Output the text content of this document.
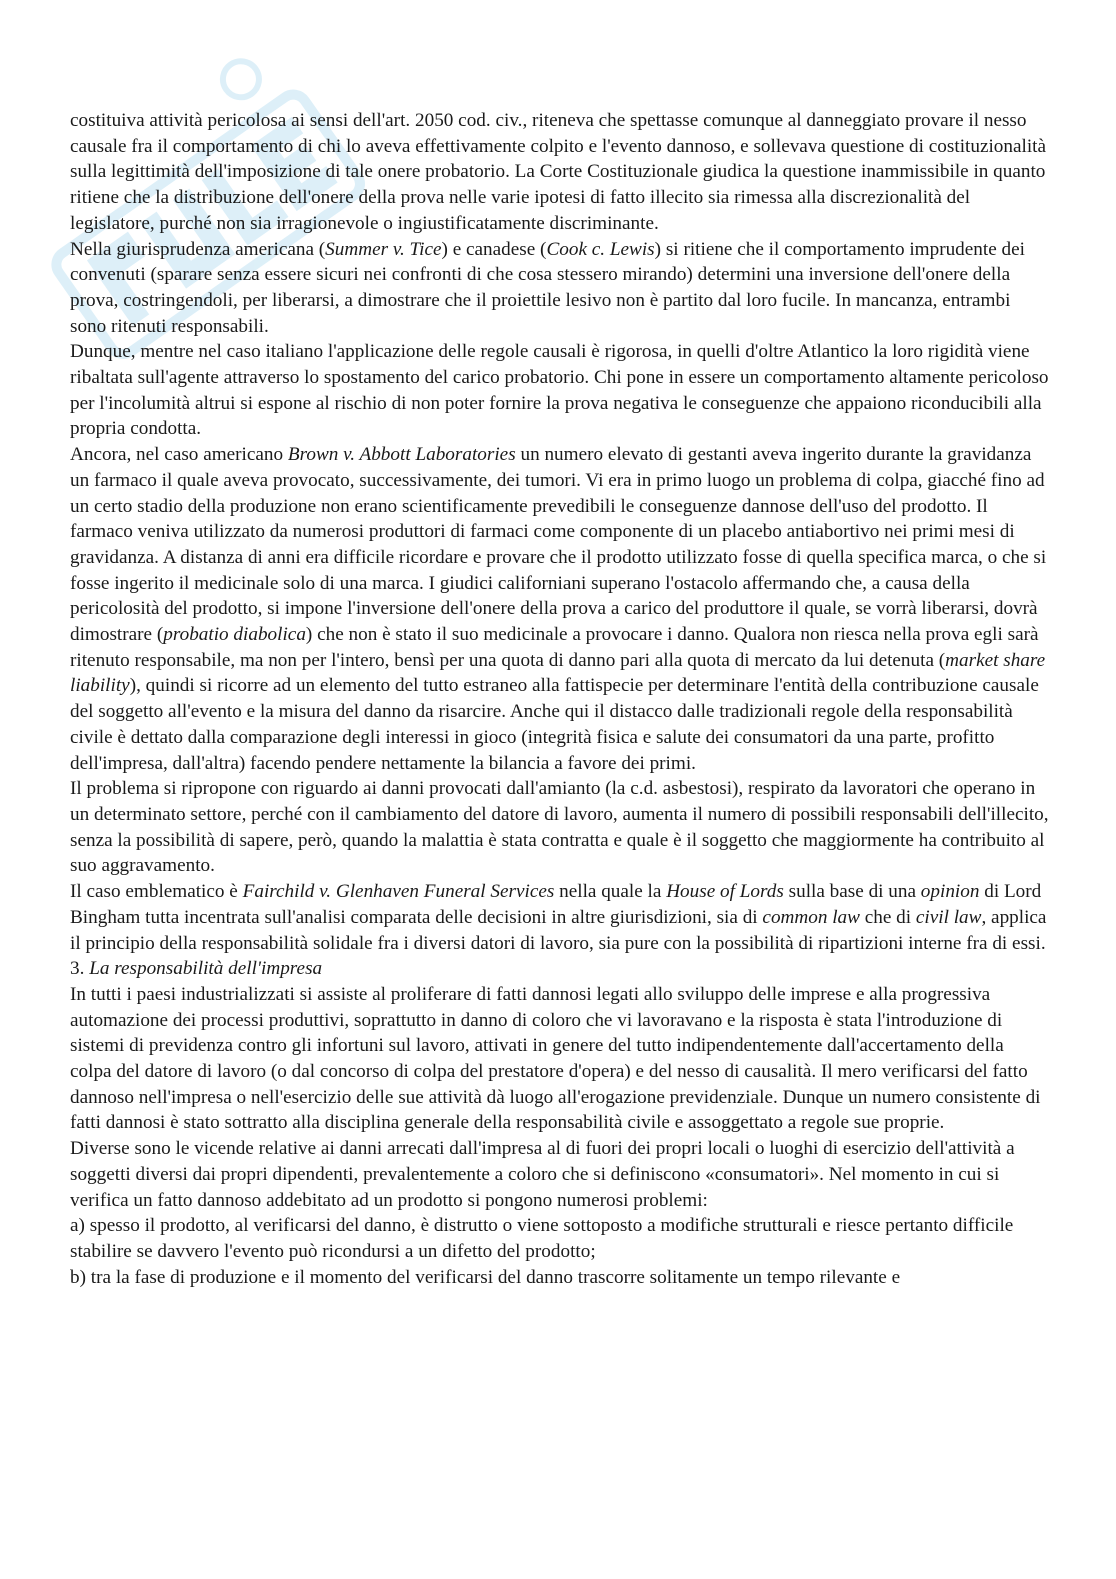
costituiva attività pericolosa ai sensi dell'art. 2050 cod. civ., riteneva che spettasse comunque al danneggiato provare il nesso causale fra il comportamento di chi lo aveva effettivamente colpito e l'evento dannoso, e sollevava questione di costituzionalità sulla legittimità dell'imposizione di tale onere probatorio. La Corte Costituzionale giudica la questione inammissibile in quanto ritiene che la distribuzione dell'onere della prova nelle varie ipotesi di fatto illecito sia rimessa alla discrezionalità del legislatore, purché non sia irragionevole o ingiustificatamente discriminante.

Nella giurisprudenza americana (Summer v. Tice) e canadese (Cook c. Lewis) si ritiene che il comportamento imprudente dei convenuti (sparare senza essere sicuri nei confronti di che cosa stessero mirando) determini una inversione dell'onere della prova, costringendoli, per liberarsi, a dimostrare che il proiettile lesivo non è partito dal loro fucile. In mancanza, entrambi sono ritenuti responsabili.

Dunque, mentre nel caso italiano l'applicazione delle regole causali è rigorosa, in quelli d'oltre Atlantico la loro rigidità viene ribaltata sull'agente attraverso lo spostamento del carico probatorio. Chi pone in essere un comportamento altamente pericoloso per l'incolumità altrui si espone al rischio di non poter fornire la prova negativa le conseguenze che appaiono riconducibili alla propria condotta.

Ancora, nel caso americano Brown v. Abbott Laboratories un numero elevato di gestanti aveva ingerito durante la gravidanza un farmaco il quale aveva provocato, successivamente, dei tumori. Vi era in primo luogo un problema di colpa, giacché fino ad un certo stadio della produzione non erano scientificamente prevedibili le conseguenze dannose dell'uso del prodotto. Il farmaco veniva utilizzato da numerosi produttori di farmaci come componente di un placebo antiabortivo nei primi mesi di gravidanza. A distanza di anni era difficile ricordare e provare che il prodotto utilizzato fosse di quella specifica marca, o che si fosse ingerito il medicinale solo di una marca. I giudici californiani superano l'ostacolo affermando che, a causa della pericolosità del prodotto, si impone l'inversione dell'onere della prova a carico del produttore il quale, se vorrà liberarsi, dovrà dimostrare (probatio diabolica) che non è stato il suo medicinale a provocare i danno. Qualora non riesca nella prova egli sarà ritenuto responsabile, ma non per l'intero, bensì per una quota di danno pari alla quota di mercato da lui detenuta (market share liability), quindi si ricorre ad un elemento del tutto estraneo alla fattispecie per determinare l'entità della contribuzione causale del soggetto all'evento e la misura del danno da risarcire. Anche qui il distacco dalle tradizionali regole della responsabilità civile è dettato dalla comparazione degli interessi in gioco (integrità fisica e salute dei consumatori da una parte, profitto dell'impresa, dall'altra) facendo pendere nettamente la bilancia a favore dei primi.

Il problema si ripropone con riguardo ai danni provocati dall'amianto (la c.d. asbestosi), respirato da lavoratori che operano in un determinato settore, perché con il cambiamento del datore di lavoro, aumenta il numero di possibili responsabili dell'illecito, senza la possibilità di sapere, però, quando la malattia è stata contratta e quale è il soggetto che maggiormente ha contribuito al suo aggravamento.

Il caso emblematico è Fairchild v. Glenhaven Funeral Services nella quale la House of Lords sulla base di una opinion di Lord Bingham tutta incentrata sull'analisi comparata delle decisioni in altre giurisdizioni, sia di common law che di civil law, applica il principio della responsabilità solidale fra i diversi datori di lavoro, sia pure con la possibilità di ripartizioni interne fra di essi.

3. La responsabilità dell'impresa

In tutti i paesi industrializzati si assiste al proliferare di fatti dannosi legati allo sviluppo delle imprese e alla progressiva automazione dei processi produttivi, soprattutto in danno di coloro che vi lavoravano e la risposta è stata l'introduzione di sistemi di previdenza contro gli infortuni sul lavoro, attivati in genere del tutto indipendentemente dall'accertamento della colpa del datore di lavoro (o dal concorso di colpa del prestatore d'opera) e del nesso di causalità. Il mero verificarsi del fatto dannoso nell'impresa o nell'esercizio delle sue attività dà luogo all'erogazione previdenziale. Dunque un numero consistente di fatti dannosi è stato sottratto alla disciplina generale della responsabilità civile e assoggettato a regole sue proprie.

Diverse sono le vicende relative ai danni arrecati dall'impresa al di fuori dei propri locali o luoghi di esercizio dell'attività a soggetti diversi dai propri dipendenti, prevalentemente a coloro che si definiscono «consumatori». Nel momento in cui si verifica un fatto dannoso addebitato ad un prodotto si pongono numerosi problemi:

a) spesso il prodotto, al verificarsi del danno, è distrutto o viene sottoposto a modifiche strutturali e riesce pertanto difficile stabilire se davvero l'evento può ricondursi a un difetto del prodotto;

b) tra la fase di produzione e il momento del verificarsi del danno trascorre solitamente un tempo rilevante e
